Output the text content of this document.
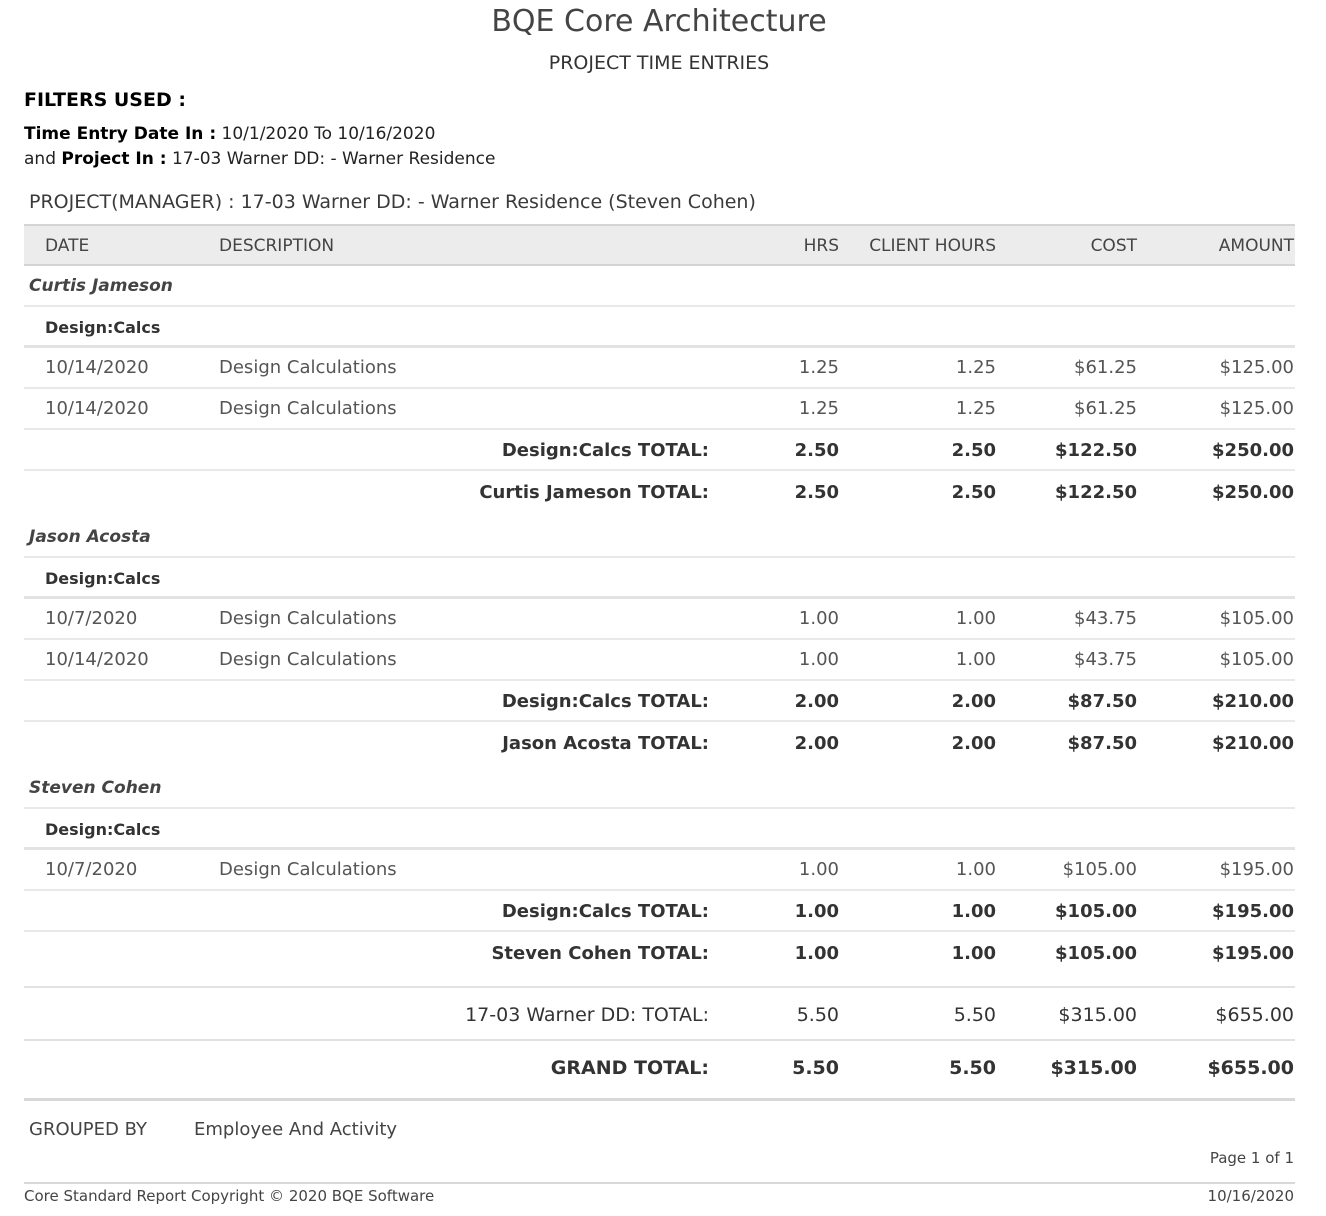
BQE Core Architecture
PROJECT TIME ENTRIES
FILTERS USED :
Time Entry Date In : 10/1/2020 To 10/16/2020
and Project In : 17-03 Warner DD: - Warner Residence
PROJECT(MANAGER) : 17-03 Warner DD: - Warner Residence (Steven Cohen)
DATE	DESCRIPTION	HRS CLIENT HOURS	COST	AMOUNT
Curtis Jameson
Design:Calcs
10/14/2020	Design Calculations	1.25	1.25	$61.25	$125.00
10/14/2020	Design Calculations	1.25	1.25	$61.25	$125.00
Design:Calcs TOTAL:	2.50	2.50	$122.50	$250.00
Curtis Jameson TOTAL:	2.50	2.50	$122.50	$250.00
Jason Acosta
Design:Calcs
10/7/2020	Design Calculations	1.00	1.00	$43.75	$105.00
10/14/2020	Design Calculations	1.00	1.00	$43.75	$105.00
Design:Calcs TOTAL:	2.00	2.00	$87.50	$210.00
Jason Acosta TOTAL:	2.00	2.00	$87.50	$210.00
Steven Cohen
Design:Calcs
10/7/2020	Design Calculations	1.00	1.00	$105.00	$195.00
Design:Calcs TOTAL:	1.00	1.00	$105.00	$195.00
Steven Cohen TOTAL:	1.00	1.00	$105.00	$195.00
17-03 Warner DD: TOTAL:	5.50	5.50	$315.00	$655.00
GRAND TOTAL:	5.50	5.50	$315.00	$655.00
GROUPED BY	Employee And Activity
Page 1 of 1
Core Standard Report Copyright © 2020 BQE Software	10/16/2020
